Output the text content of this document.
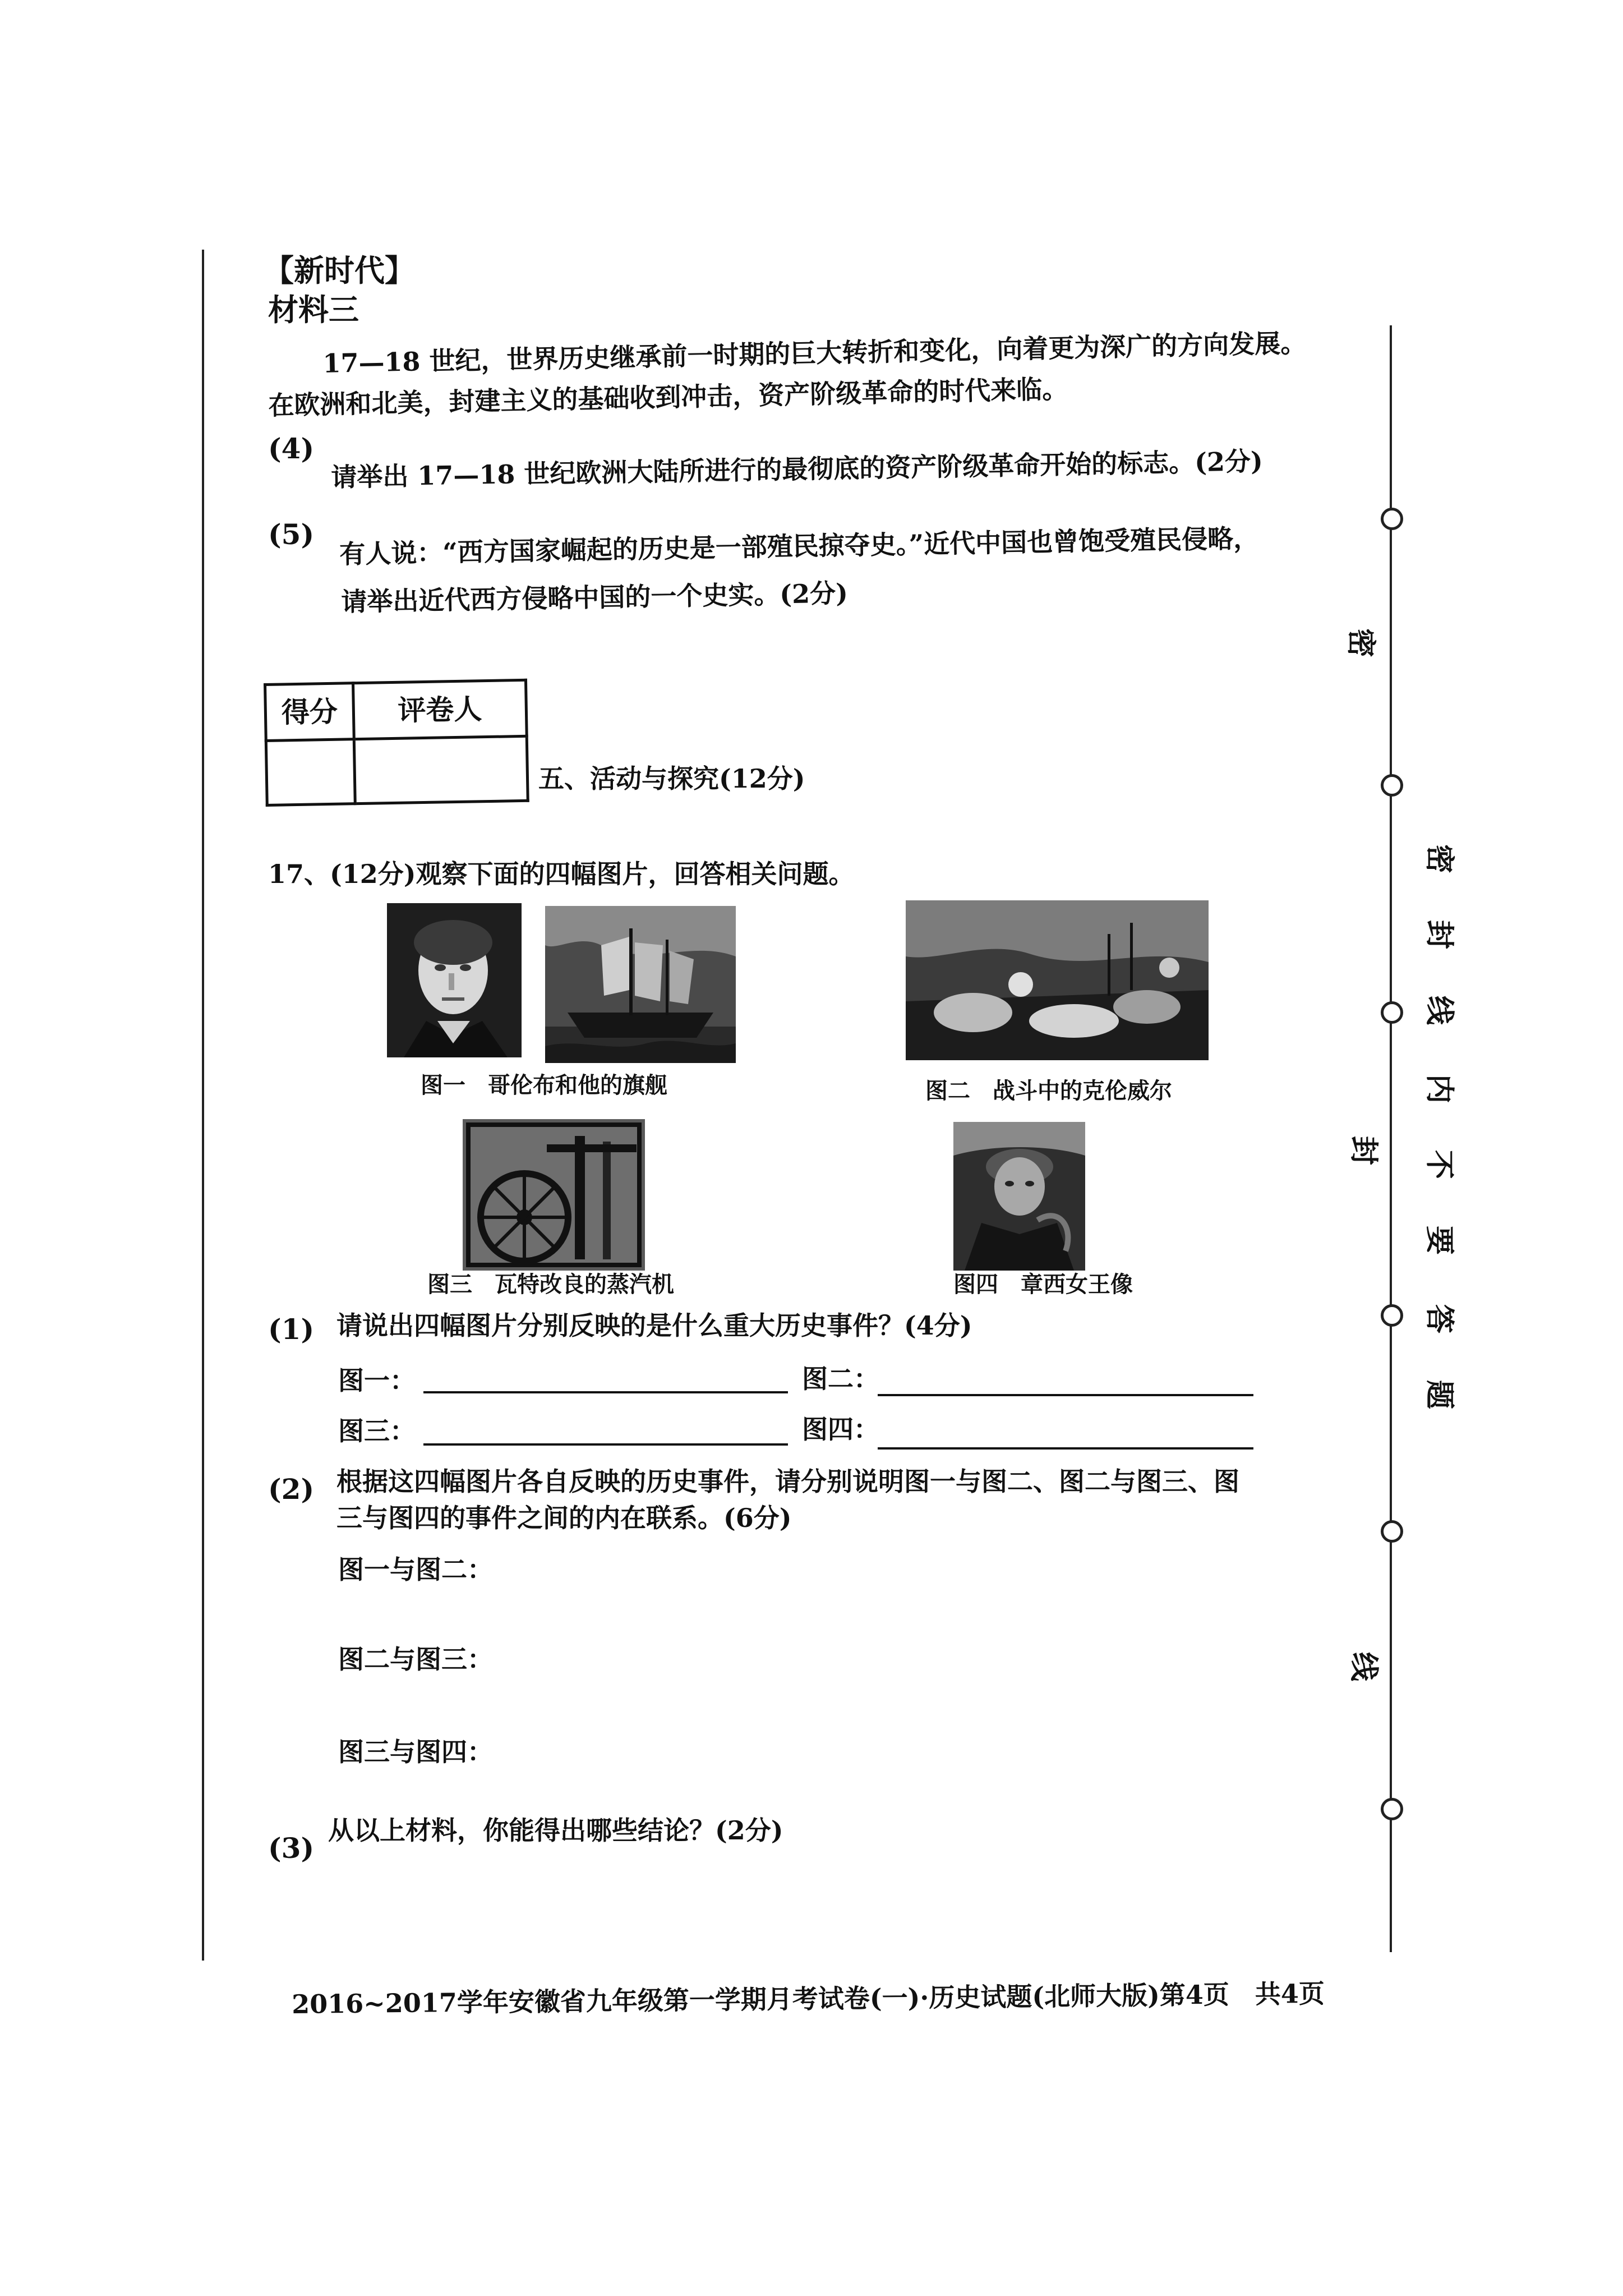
密
封
线
密
封
线
内
不
要
答
题
【新时代】
材料三
17—18 世纪，世界历史继承前一时期的巨大转折和变化，向着更为深广的方向发展。
在欧洲和北美，封建主义的基础收到冲击，资产阶级革命的时代来临。
(4) 请举出 17—18 世纪欧洲大陆所进行的最彻底的资产阶级革命开始的标志。(2分)
(5) 有人说：“西方国家崛起的历史是一部殖民掠夺史。”近代中国也曾饱受殖民侵略，
请举出近代西方侵略中国的一个史实。(2分)
得分	评卷人

五、活动与探究(12分)
17、(12分)观察下面的四幅图片，回答相关问题。
图一　哥伦布和他的旗舰	图二　战斗中的克伦威尔
图三　瓦特改良的蒸汽机	图四　章西女王像
(1) 请说出四幅图片分别反映的是什么重大历史事件？(4分)
图一：	图二：
图三：	图四：
(2) 根据这四幅图片各自反映的历史事件，请分别说明图一与图二、图二与图三、图
三与图四的事件之间的内在联系。(6分)
图一与图二：
图二与图三：
图三与图四：
(3)
从以上材料，你能得出哪些结论？(2分)
2016~2017学年安徽省九年级第一学期月考试卷(一)·历史试题(北师大版)第4页　共4页
